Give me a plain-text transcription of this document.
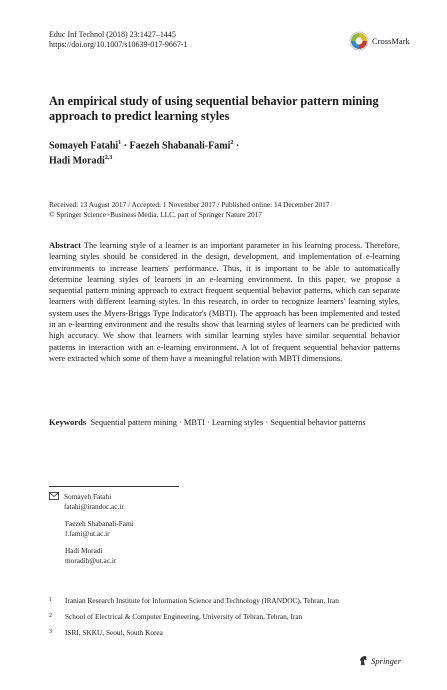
Educ Inf Technol (2018) 23:1427–1445
https://doi.org/10.1007/s10639-017-9667-1	CrossMark
An empirical study of using sequential behavior pattern mining approach to predict learning styles
Somayeh Fatahi$^1$ · Faezeh Shabanali-Fami$^2$ ·
Hadi Moradi$^{2,3}$
Received: 13 August 2017 / Accepted: 1 November 2017 / Published online: 14 December 2017
© Springer Science+Business Media, LLC, part of Springer Nature 2017
Abstract The learning style of a learner is an important parameter in his learning process. Therefore, learning styles should be considered in the design, development, and implementation of e-learning environments to increase learners' performance. Thus, it is important to be able to automatically determine learning styles of learners in an e-learning environment. In this paper, we propose a sequential pattern mining approach to extract frequent sequential behavior patterns, which can separate learners with different learning styles. In this research, in order to recognize learners' learning styles, system uses the Myers-Briggs Type Indicator's (MBTI). The approach has been implemented and tested in an e-learning environment and the results show that learning styles of learners can be predicted with high accuracy. We show that learners with similar learning styles have similar sequential behavior patterns in interaction with an e-learning environment. A lot of frequent sequential behavior patterns were extracted which some of them have a meaningful relation with MBTI dimensions.
Keywords Sequential pattern mining · MBTI · Learning styles · Sequential behavior patterns
Somayeh Fatahi
fatahi@irandoc.ac.ir
Faezeh Shabanali-Fami
f.fami@ut.ac.ir
Hadi Moradi
moradih@ut.ac.ir
1	Iranian Research Institute for Information Science and Technology (IRANDOC), Tehran, Iran
2	School of Electrical & Computer Engineering, University of Tehran, Tehran, Iran
3	ISRI, SKKU, Seoul, South Korea
Springer
